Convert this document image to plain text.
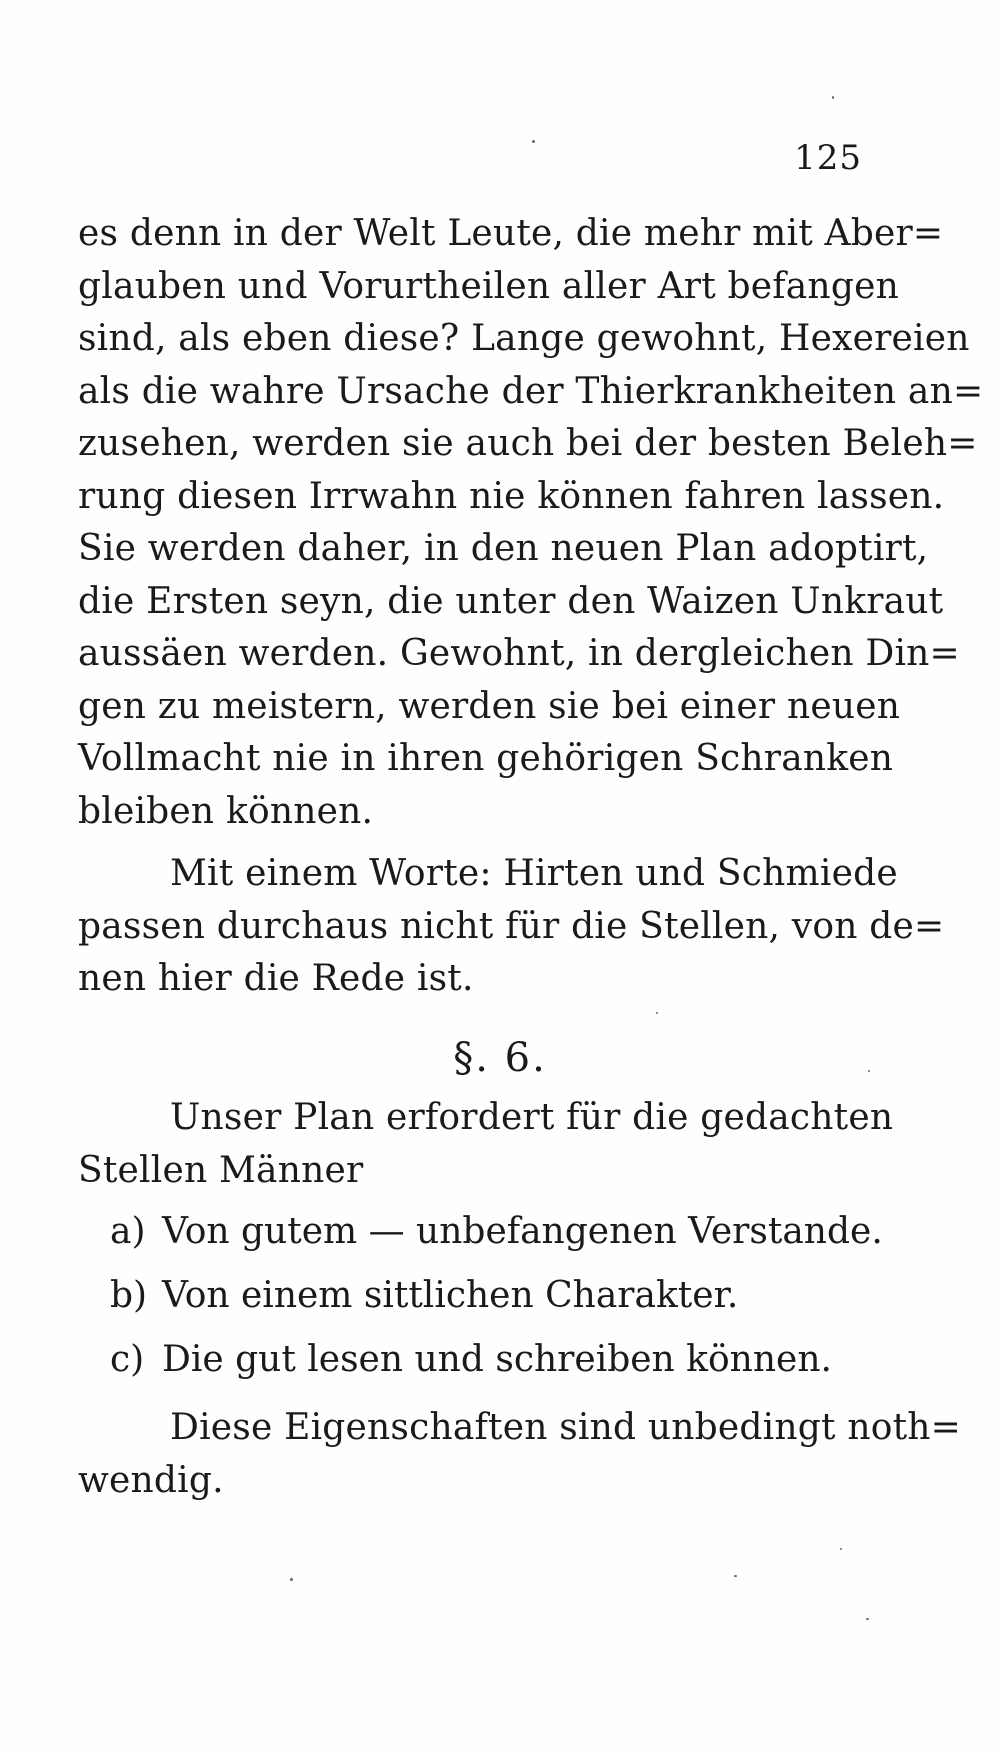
125
es denn in der Welt Leute, die mehr mit Aber=
glauben und Vorurtheilen aller Art befangen
sind, als eben diese? Lange gewohnt, Hexereien
als die wahre Ursache der Thierkrankheiten an=
zusehen, werden sie auch bei der besten Beleh=
rung diesen Irrwahn nie können fahren lassen.
Sie werden daher, in den neuen Plan adoptirt,
die Ersten seyn, die unter den Waizen Unkraut
aussäen werden. Gewohnt, in dergleichen Din=
gen zu meistern, werden sie bei einer neuen
Vollmacht nie in ihren gehörigen Schranken
bleiben können.
Mit einem Worte: Hirten und Schmiede
passen durchaus nicht für die Stellen, von de=
nen hier die Rede ist.
§. 6.
Unser Plan erfordert für die gedachten
Stellen Männer
a) Von gutem — unbefangenen Verstande.
b) Von einem sittlichen Charakter.
c) Die gut lesen und schreiben können.
Diese Eigenschaften sind unbedingt noth=
wendig.
